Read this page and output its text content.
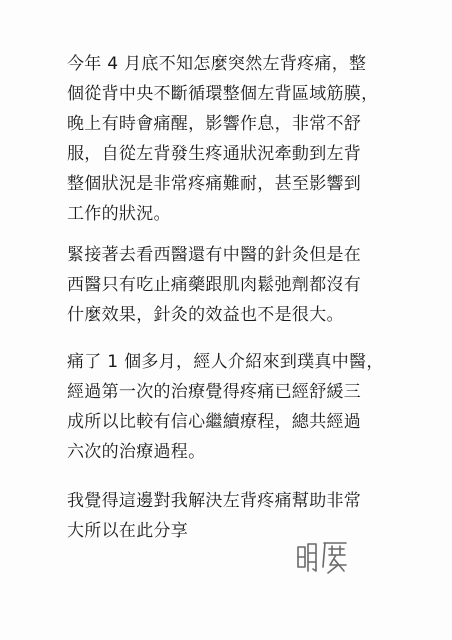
今年 4 月底不知怎麼突然左背疼痛，整
個從背中央不斷循環整個左背區域筋膜，
晚上有時會痛醒，影響作息，非常不舒
服，自從左背發生疼通狀況牽動到左背
整個狀況是非常疼痛難耐，甚至影響到
工作的狀況。
緊接著去看西醫還有中醫的針灸但是在
西醫只有吃止痛藥跟肌肉鬆弛劑都沒有
什麼效果，針灸的效益也不是很大。
痛了 1 個多月，經人介紹來到璞真中醫，
經過第一次的治療覺得疼痛已經舒緩三
成所以比較有信心繼續療程，總共經過
六次的治療過程。
我覺得這邊對我解決左背疼痛幫助非常
大所以在此分享
